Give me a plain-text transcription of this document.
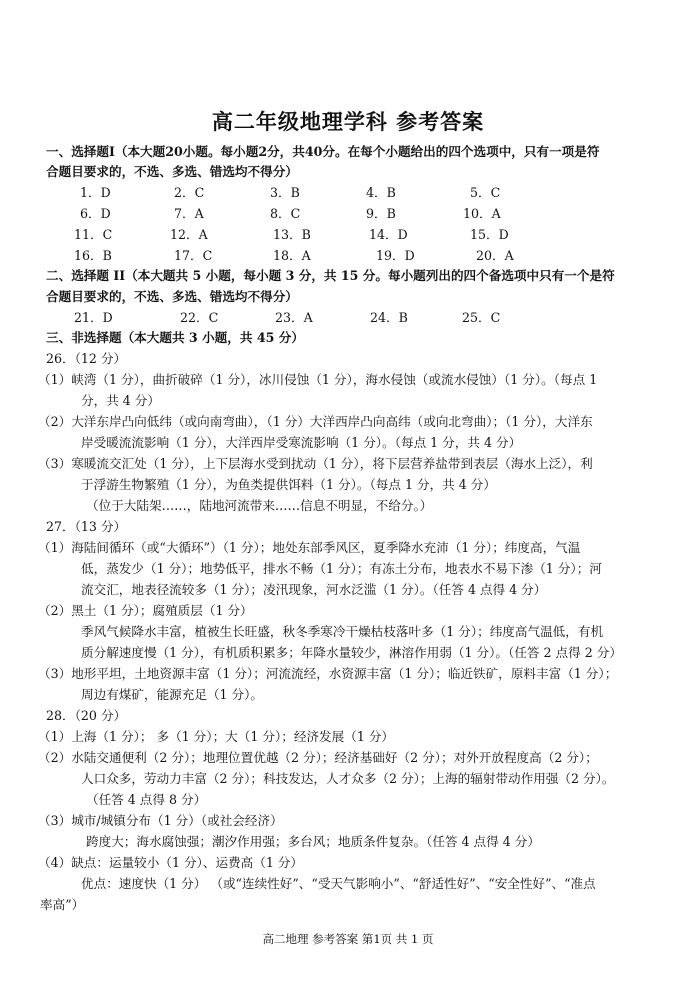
高二年级地理学科 参考答案
一、选择题I（本大题20小题。每小题2分，共40分。在每个小题给出的四个选项中，只有一项是符
合题目要求的，不选、多选、错选均不得分）
1．D	2．C	3．B	4．B	5．C
6．D	7．A	8．C	9．B	10．A
11．C	12．A	13．B	14．D	15．D
16．B	17．C	18．A	19．D	20．A
二、选择题 II（本大题共 5 小题，每小题 3 分，共 15 分。每小题列出的四个备选项中只有一个是符
合题目要求的，不选、多选、错选均不得分）
21．D	22．C	23．A	24．B	25．C
三、非选择题（本大题共 3 小题，共 45 分）
26．（12 分）
（1）峡湾（1 分），曲折破碎（1 分），冰川侵蚀（1 分），海水侵蚀（或流水侵蚀）（1 分）。（每点 1
分，共 4 分）
（2）大洋东岸凸向低纬（或向南弯曲），（1 分）大洋西岸凸向高纬（或向北弯曲）；（1 分），大洋东
岸受暖流流影响（1 分），大洋西岸受寒流影响（1 分）。（每点 1 分，共 4 分）
（3）寒暖流交汇处（1 分），上下层海水受到扰动（1 分），将下层营养盐带到表层（海水上泛），利
于浮游生物繁殖（1 分），为鱼类提供饵料（1 分）。（每点 1 分，共 4 分）
（位于大陆架……，陆地河流带来……信息不明显，不给分。）
27．（13 分）
（1）海陆间循环（或“大循环”）（1 分）；地处东部季风区，夏季降水充沛（1 分）；纬度高，气温
低，蒸发少（1 分）；地势低平，排水不畅（1 分）；有冻土分布，地表水不易下渗（1 分）；河
流交汇，地表径流较多（1 分）；凌汛现象，河水泛滥（1 分）。（任答 4 点得 4 分）
（2）黑土（1 分）；腐殖质层（1 分）
季风气候降水丰富，植被生长旺盛，秋冬季寒冷干燥枯枝落叶多（1 分）；纬度高气温低，有机
质分解速度慢（1 分），有机质积累多；年降水量较少，淋溶作用弱（1 分）。（任答 2 点得 2 分）
（3）地形平坦，土地资源丰富（1 分）；河流流经，水资源丰富（1 分）；临近铁矿，原料丰富（1 分）；
周边有煤矿，能源充足（1 分）。
28．（20 分）
（1）上海（1 分）； 多（1 分）；大（1 分）；经济发展（1 分）
（2）水陆交通便利（2 分）；地理位置优越（2 分）；经济基础好（2 分）；对外开放程度高（2 分）；
人口众多，劳动力丰富（2 分）；科技发达，人才众多（2 分）；上海的辐射带动作用强（2 分）。
（任答 4 点得 8 分）
（3）城市/城镇分布（1 分）（或社会经济）
跨度大；海水腐蚀强；潮汐作用强；多台风；地质条件复杂。（任答 4 点得 4 分）
（4）缺点：运量较小（1 分）、运费高（1 分）
优点：速度快（1 分） （或“连续性好”、“受天气影响小”、“舒适性好”、“安全性好”、“准点
率高”）
高二地理 参考答案 第1页 共 1 页
